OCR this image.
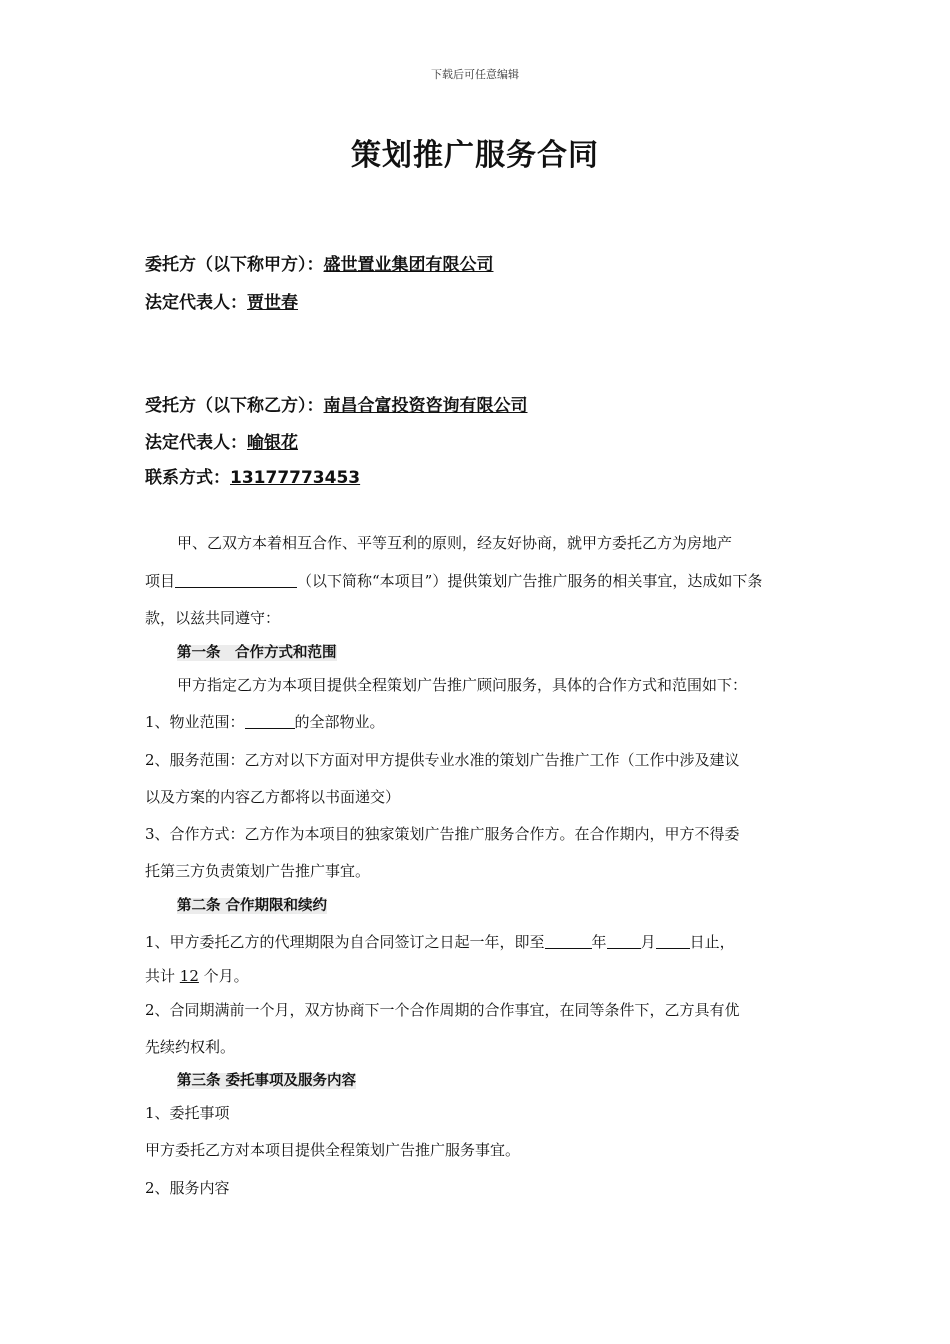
下载后可任意编辑
策划推广服务合同
委托方（以下称甲方）：盛世置业集团有限公司
法定代表人：贾世春
受托方（以下称乙方）：南昌合富投资咨询有限公司
法定代表人：喻银花
联系方式：13177773453
甲、乙双方本着相互合作、平等互利的原则，经友好协商，就甲方委托乙方为房地产
项目	（以下简称“本项目”）提供策划广告推广服务的相关事宜，达成如下条
款，以兹共同遵守：
第一条　合作方式和范围
甲方指定乙方为本项目提供全程策划广告推广顾问服务，具体的合作方式和范围如下：
1、物业范围：	的全部物业。
2、服务范围：乙方对以下方面对甲方提供专业水准的策划广告推广工作（工作中涉及建议
以及方案的内容乙方都将以书面递交）
3、合作方式：乙方作为本项目的独家策划广告推广服务合作方。在合作期内，甲方不得委
托第三方负责策划广告推广事宜。
第二条 合作期限和续约
1、甲方委托乙方的代理期限为自合同签订之日起一年，即至	年 月 日止，
共计 12 个月。
2、合同期满前一个月，双方协商下一个合作周期的合作事宜，在同等条件下，乙方具有优
先续约权利。
第三条 委托事项及服务内容
1、委托事项
甲方委托乙方对本项目提供全程策划广告推广服务事宜。
2、服务内容
